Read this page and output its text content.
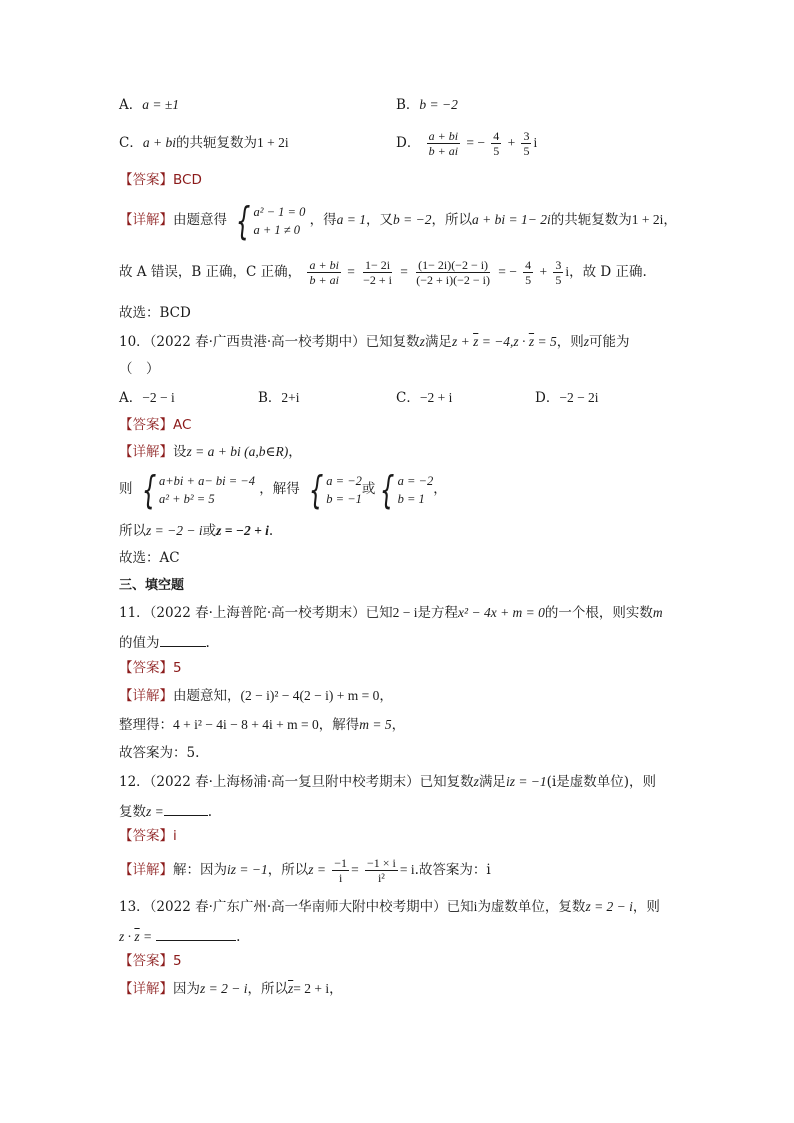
A．a = ±1	B．b = −2
C．a + bi的共轭复数为1 + 2i	D． $\frac{a + bi}{b + ai}$ = − $\frac{4}{5} + \frac{3}{5}$ i
【答案】BCD
【详解】由题意得 { a² − 1 = 0
a + 1 ≠ 0
，得a = 1，又b = −2，所以a + bi = 1− 2i的共轭复数为1 + 2i，
故 A 错误，B 正确，C 正确， $\frac{a + bi}{b + ai} = \frac{1- 2i}{-2 + i} = \frac{(1- 2i)(-2 - i)}{(-2 + i)(-2 - i)}$ = − $\frac{4}{5} + \frac{3}{5}$ i，故 D 正确.
故选：BCD
10．（2022 春·广西贵港·高一校考期中）已知复数z满足$z + \overline{z} = -4,z \cdot \overline{z} = 5$，则z可能为
（　）
A．−2 − i	B．2+i	C．−2 + i	D．−2 − 2i
【答案】AC
【详解】设z = a + bi (a,b∈R)，
则 { a+bi + a− bi = −4
a² + b² = 5
，解得 { a = −2
b = −1
或 { a = −2
b = 1
，
所以z = −2 − i或z = −2 + i.
故选：AC
三、填空题
11．（2022 春·上海普陀·高一校考期末）已知2 − i是方程x² − 4x + m = 0的一个根，则实数m
的值为	.
【答案】5
【详解】由题意知，(2 − i)² − 4(2 − i) + m = 0，
整理得：4 + i² − 4i − 8 + 4i + m = 0，解得m = 5，
故答案为：5.
12．（2022 春·上海杨浦·高一复旦附中校考期末）已知复数z满足iz = −1(i是虚数单位)，则
复数z =	.
【答案】i
【详解】解：因为iz = −1，所以$z = \frac{-1}{i} = \frac{-1 \times i}{\text{i²}} = i$.故答案为：i
13．（2022 春·广东广州·高一华南师大附中校考期中）已知i为虚数单位，复数z = 2 − i，则
$z \cdot \overline{z}$ =	.
【答案】5
【详解】因为z = 2 − i，所以$\overline{z}= 2 + i$，
